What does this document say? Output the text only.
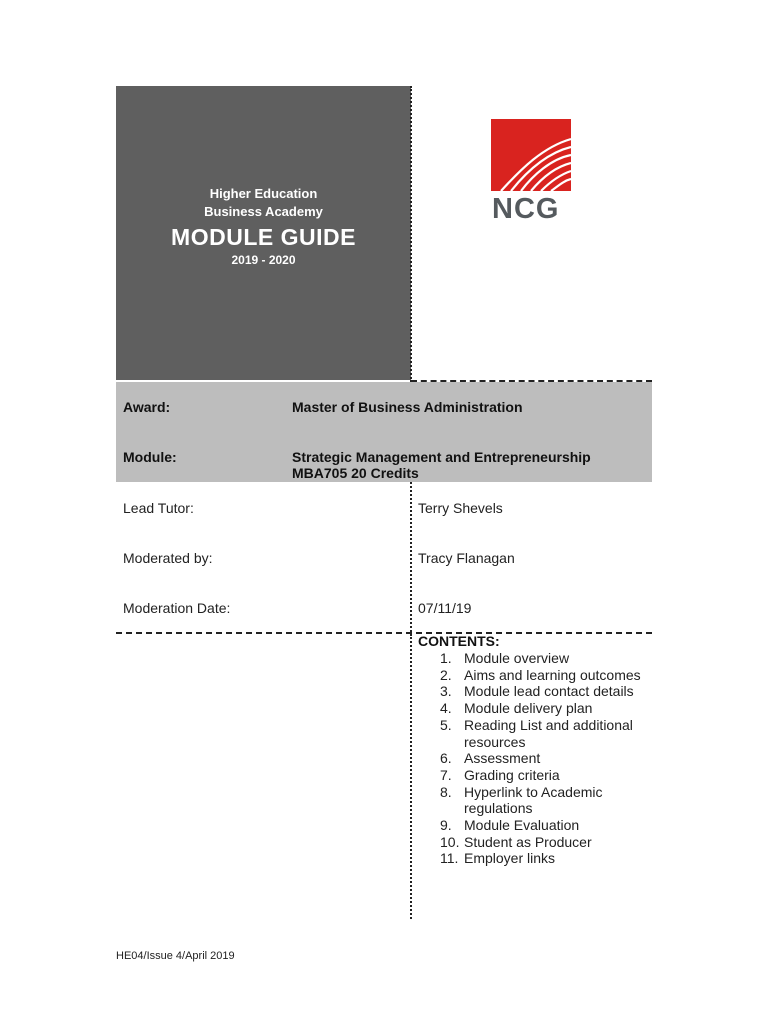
Higher Education
Business Academy
MODULE GUIDE
2019 - 2020
NCG
Award:	Master of Business Administration
Module:	Strategic Management and Entrepreneurship
MBA705 20 Credits
Lead Tutor:	Terry Shevels
Moderated by:	Tracy Flanagan
Moderation Date:	07/11/19
CONTENTS:
1. Module overview
2. Aims and learning outcomes
3. Module lead contact details
4. Module delivery plan
5. Reading List and additional resources
6. Assessment
7. Grading criteria
8. Hyperlink to Academic regulations
9. Module Evaluation
10. Student as Producer
11. Employer links
HE04/Issue 4/April 2019
